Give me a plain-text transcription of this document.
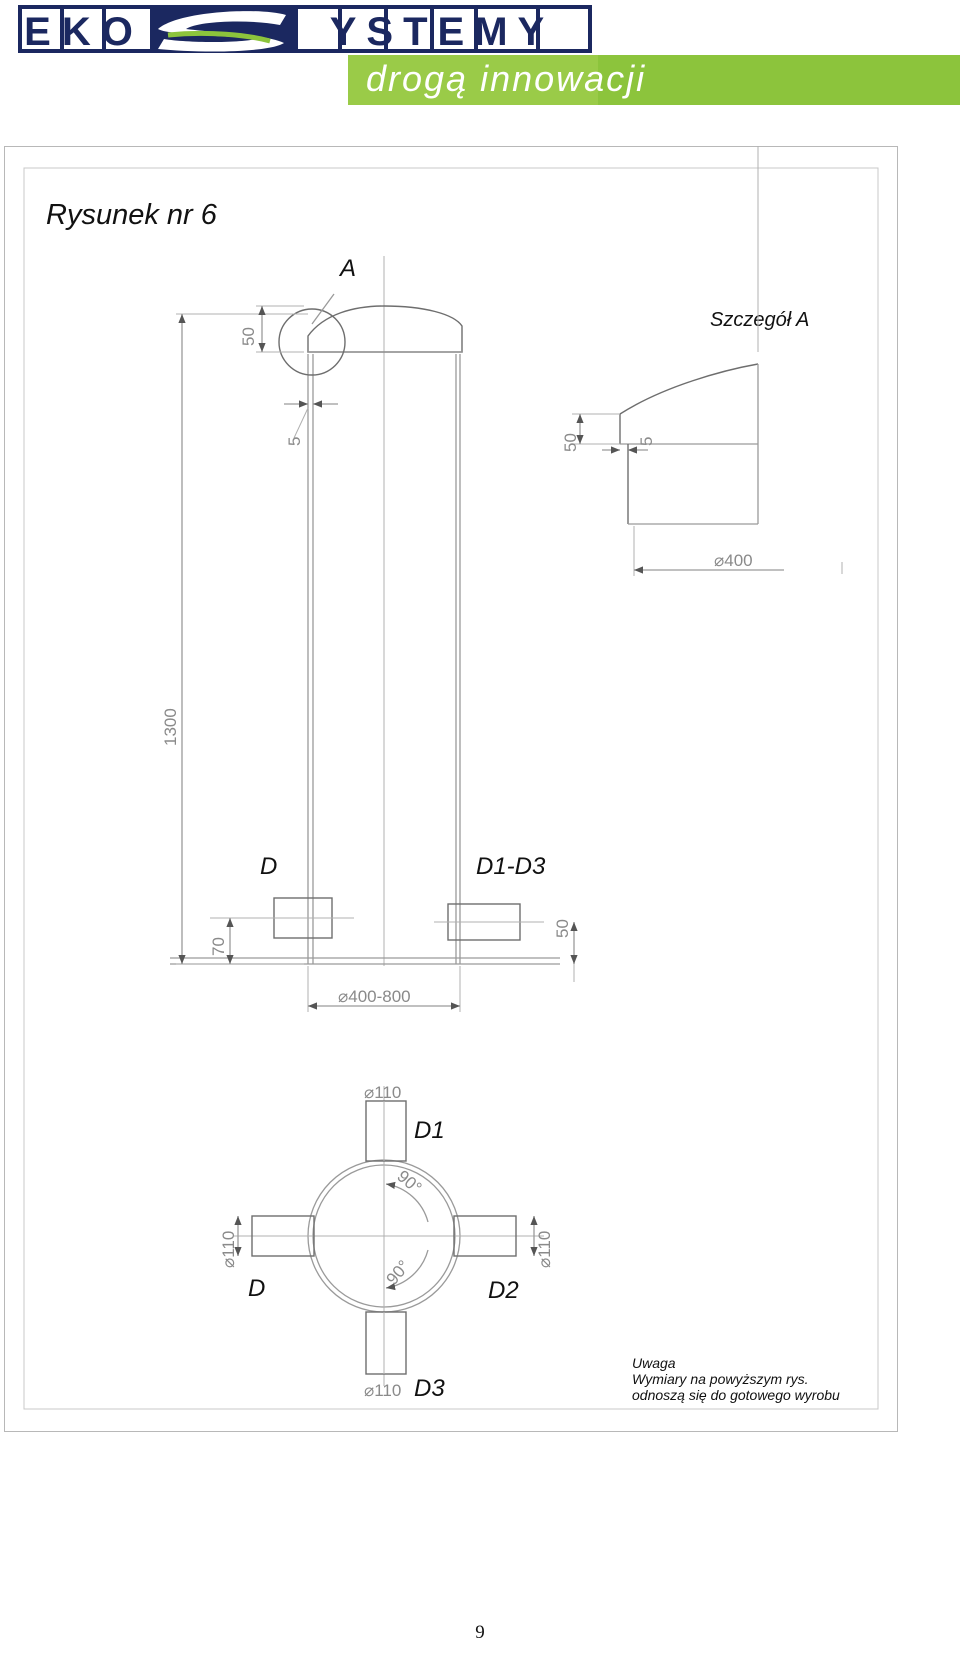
EKO	YSTEMY
drogą innowacji
Rysunek nr 6
A
D	D1-D3
1300
50
5
70
50
⌀400-800
Szczegół A
50	5
⌀400
90°
90°
⌀110
⌀110
⌀110	⌀110
D1
D	D2
D3
Uwaga
Wymiary na powyższym rys.
odnoszą się do gotowego wyrobu
9
